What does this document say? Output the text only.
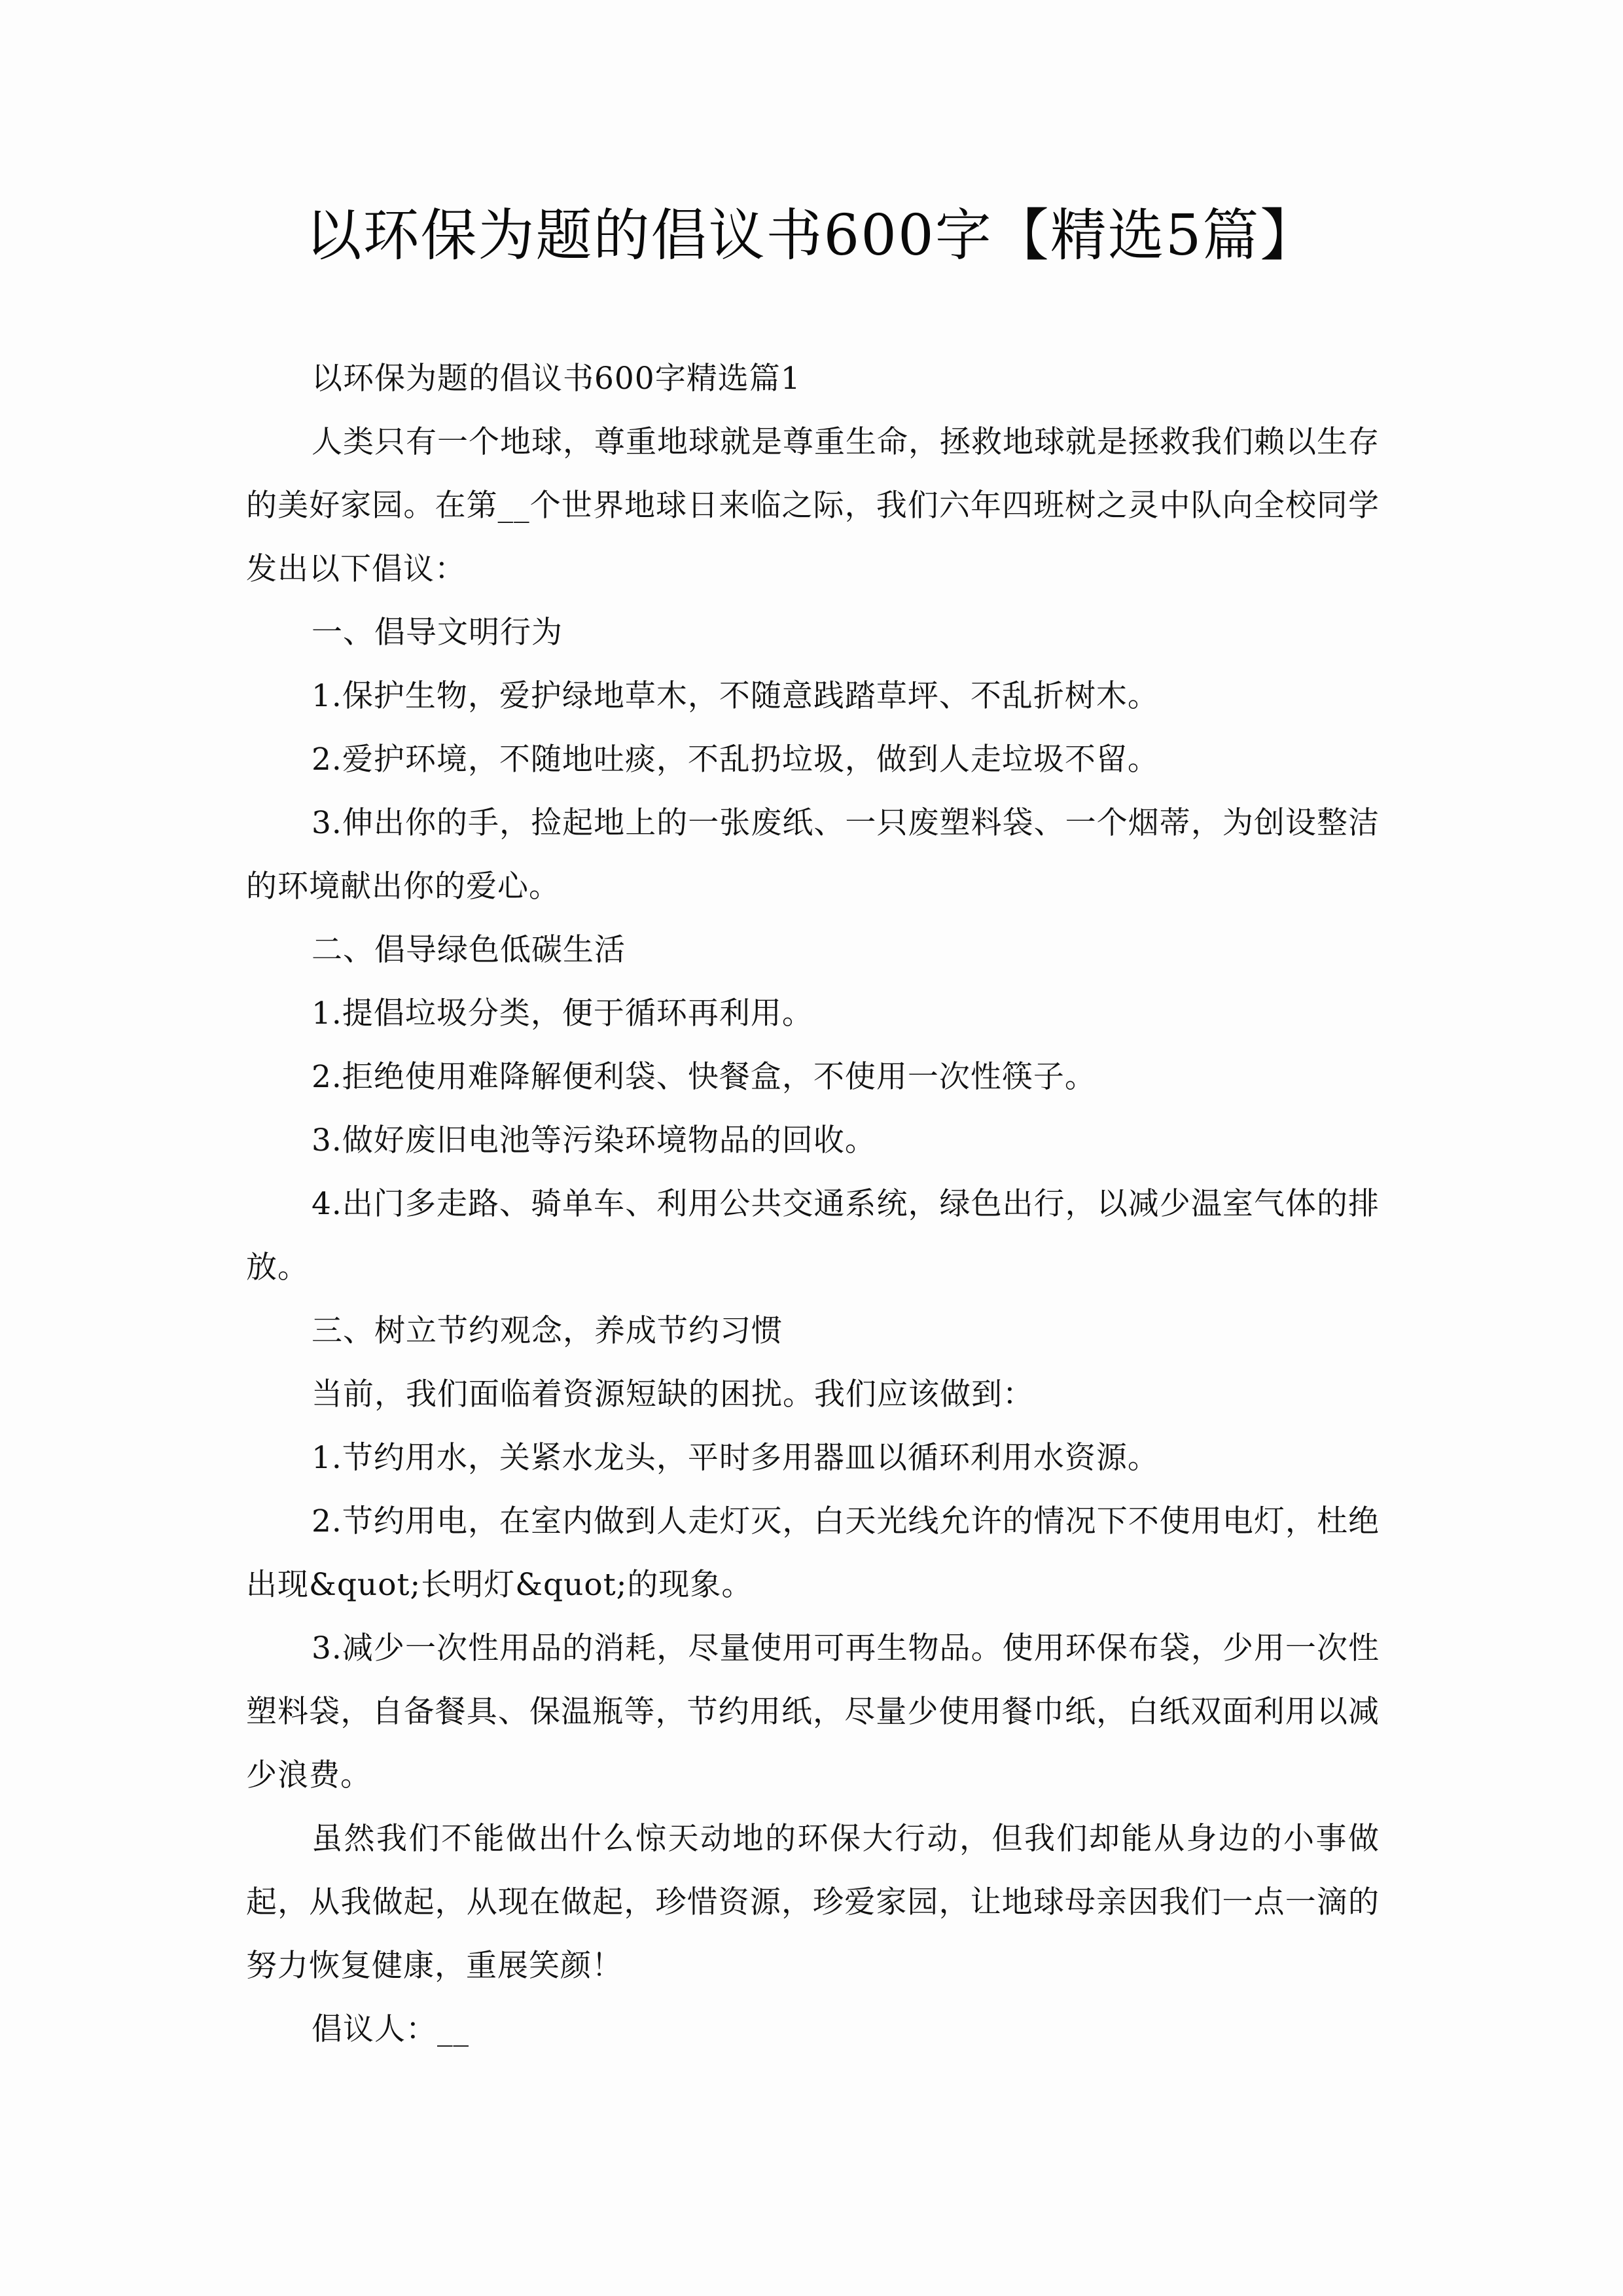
以环保为题的倡议书600字【精选5篇】

以环保为题的倡议书600字精选篇1

人类只有一个地球，尊重地球就是尊重生命，拯救地球就是拯救我们赖以生存的美好家园。在第__个世界地球日来临之际，我们六年四班树之灵中队向全校同学发出以下倡议：

一、倡导文明行为

1.保护生物，爱护绿地草木，不随意践踏草坪、不乱折树木。

2.爱护环境，不随地吐痰，不乱扔垃圾，做到人走垃圾不留。

3.伸出你的手，捡起地上的一张废纸、一只废塑料袋、一个烟蒂，为创设整洁的环境献出你的爱心。

二、倡导绿色低碳生活

1.提倡垃圾分类，便于循环再利用。

2.拒绝使用难降解便利袋、快餐盒，不使用一次性筷子。

3.做好废旧电池等污染环境物品的回收。

4.出门多走路、骑单车、利用公共交通系统，绿色出行，以减少温室气体的排放。

三、树立节约观念，养成节约习惯

当前，我们面临着资源短缺的困扰。我们应该做到：

1.节约用水，关紧水龙头，平时多用器皿以循环利用水资源。

2.节约用电，在室内做到人走灯灭，白天光线允许的情况下不使用电灯，杜绝出现&quot;长明灯&quot;的现象。

3.减少一次性用品的消耗，尽量使用可再生物品。使用环保布袋，少用一次性塑料袋，自备餐具、保温瓶等，节约用纸，尽量少使用餐巾纸，白纸双面利用以减少浪费。

虽然我们不能做出什么惊天动地的环保大行动，但我们却能从身边的小事做起，从我做起，从现在做起，珍惜资源，珍爱家园，让地球母亲因我们一点一滴的努力恢复健康，重展笑颜！

倡议人：__
